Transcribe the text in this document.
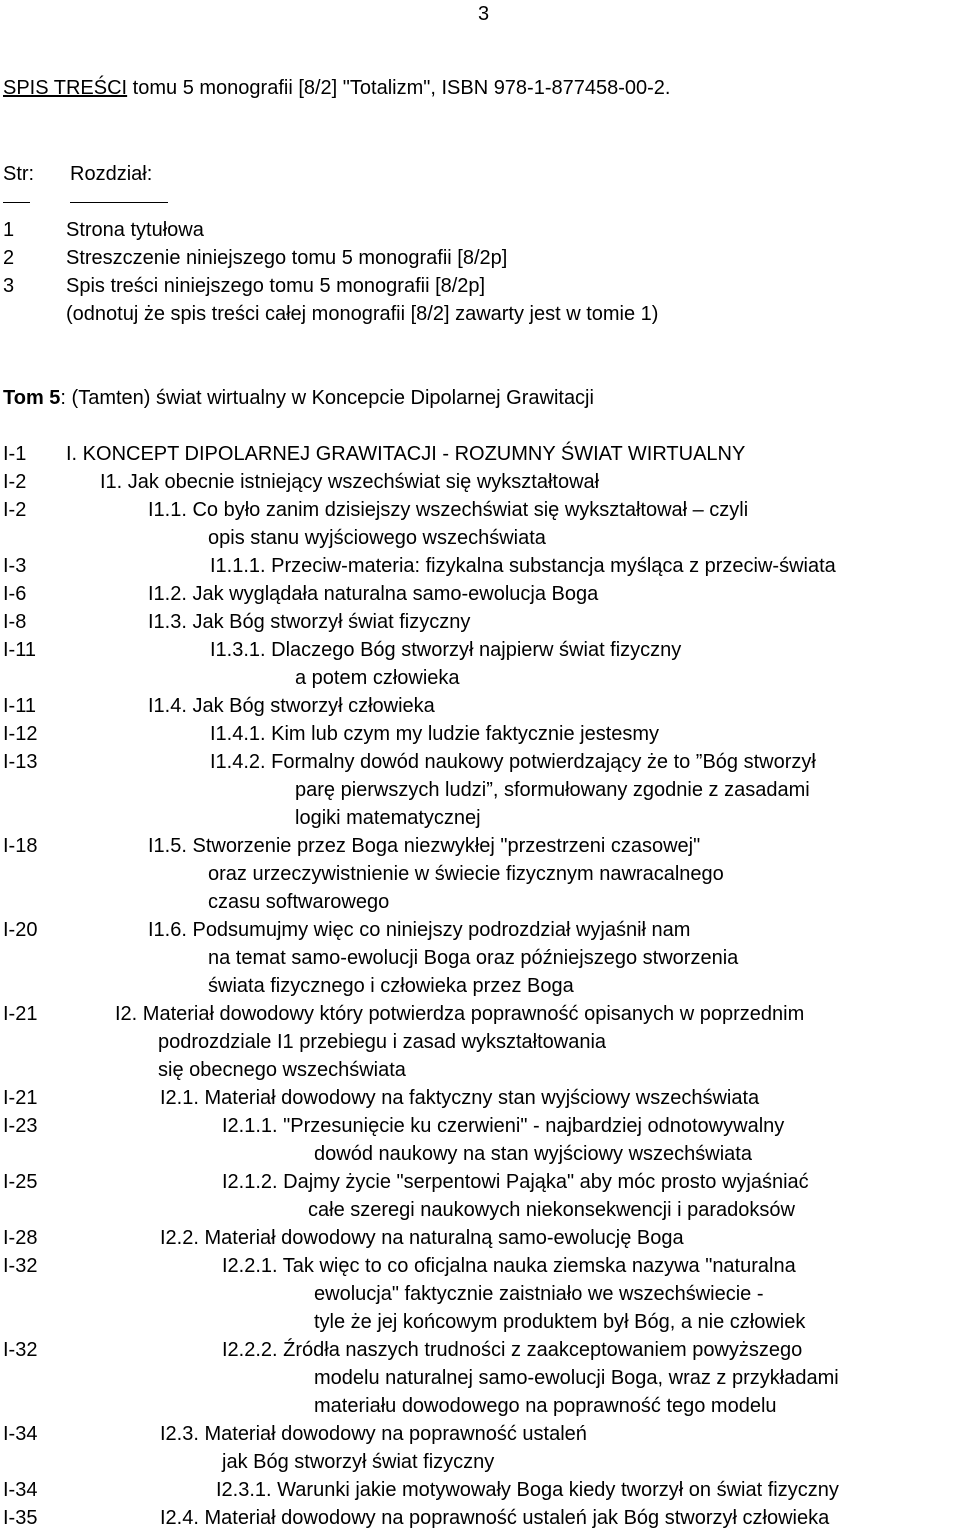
3
SPIS TREŚCI tomu 5 monografii [8/2] "Totalizm", ISBN 978-1-877458-00-2.
Str: Rozdział:
1	Strona tytułowa
2	Streszczenie niniejszego tomu 5 monografii [8/2p]
3	Spis treści niniejszego tomu 5 monografii [8/2p]
(odnotuj że spis treści całej monografii [8/2] zawarty jest w tomie 1)
Tom 5: (Tamten) świat wirtualny w Koncepcie Dipolarnej Grawitacji
I-1 I. KONCEPT DIPOLARNEJ GRAWITACJI - ROZUMNY ŚWIAT WIRTUALNY
I-2	I1. Jak obecnie istniejący wszechświat się wykształtował
I-2	I1.1. Co było zanim dzisiejszy wszechświat się wykształtował – czyli
opis stanu wyjściowego wszechświata
I-3	I1.1.1. Przeciw-materia: fizykalna substancja myśląca z przeciw-świata
I-6	I1.2. Jak wyglądała naturalna samo-ewolucja Boga
I-8	I1.3. Jak Bóg stworzył świat fizyczny
I-11	I1.3.1. Dlaczego Bóg stworzył najpierw świat fizyczny
a potem człowieka
I-11	I1.4. Jak Bóg stworzył człowieka
I-12	I1.4.1. Kim lub czym my ludzie faktycznie jestesmy
I-13	I1.4.2. Formalny dowód naukowy potwierdzający że to ”Bóg stworzył
parę pierwszych ludzi”, sformułowany zgodnie z zasadami
logiki matematycznej
I-18	I1.5. Stworzenie przez Boga niezwykłej "przestrzeni czasowej"
oraz urzeczywistnienie w świecie fizycznym nawracalnego
czasu softwarowego
I-20	I1.6. Podsumujmy więc co niniejszy podrozdział wyjaśnił nam
na temat samo-ewolucji Boga oraz późniejszego stworzenia
świata fizycznego i człowieka przez Boga
I-21	I2. Materiał dowodowy który potwierdza poprawność opisanych w poprzednim
podrozdziale I1 przebiegu i zasad wykształtowania
się obecnego wszechświata
I-21	I2.1. Materiał dowodowy na faktyczny stan wyjściowy wszechświata
I-23	I2.1.1. "Przesunięcie ku czerwieni" - najbardziej odnotowywalny
dowód naukowy na stan wyjściowy wszechświata
I-25	I2.1.2. Dajmy życie "serpentowi Pająka" aby móc prosto wyjaśniać
całe szeregi naukowych niekonsekwencji i paradoksów
I-28	I2.2. Materiał dowodowy na naturalną samo-ewolucję Boga
I-32	I2.2.1. Tak więc to co oficjalna nauka ziemska nazywa "naturalna
ewolucja" faktycznie zaistniało we wszechświecie -
tyle że jej końcowym produktem był Bóg, a nie człowiek
I-32	I2.2.2. Źródła naszych trudności z zaakceptowaniem powyższego
modelu naturalnej samo-ewolucji Boga, wraz z przykładami
materiału dowodowego na poprawność tego modelu
I-34	I2.3. Materiał dowodowy na poprawność ustaleń
jak Bóg stworzył świat fizyczny
I-34	I2.3.1. Warunki jakie motywowały Boga kiedy tworzył on świat fizyczny
I-35	I2.4. Materiał dowodowy na poprawność ustaleń jak Bóg stworzył człowieka
